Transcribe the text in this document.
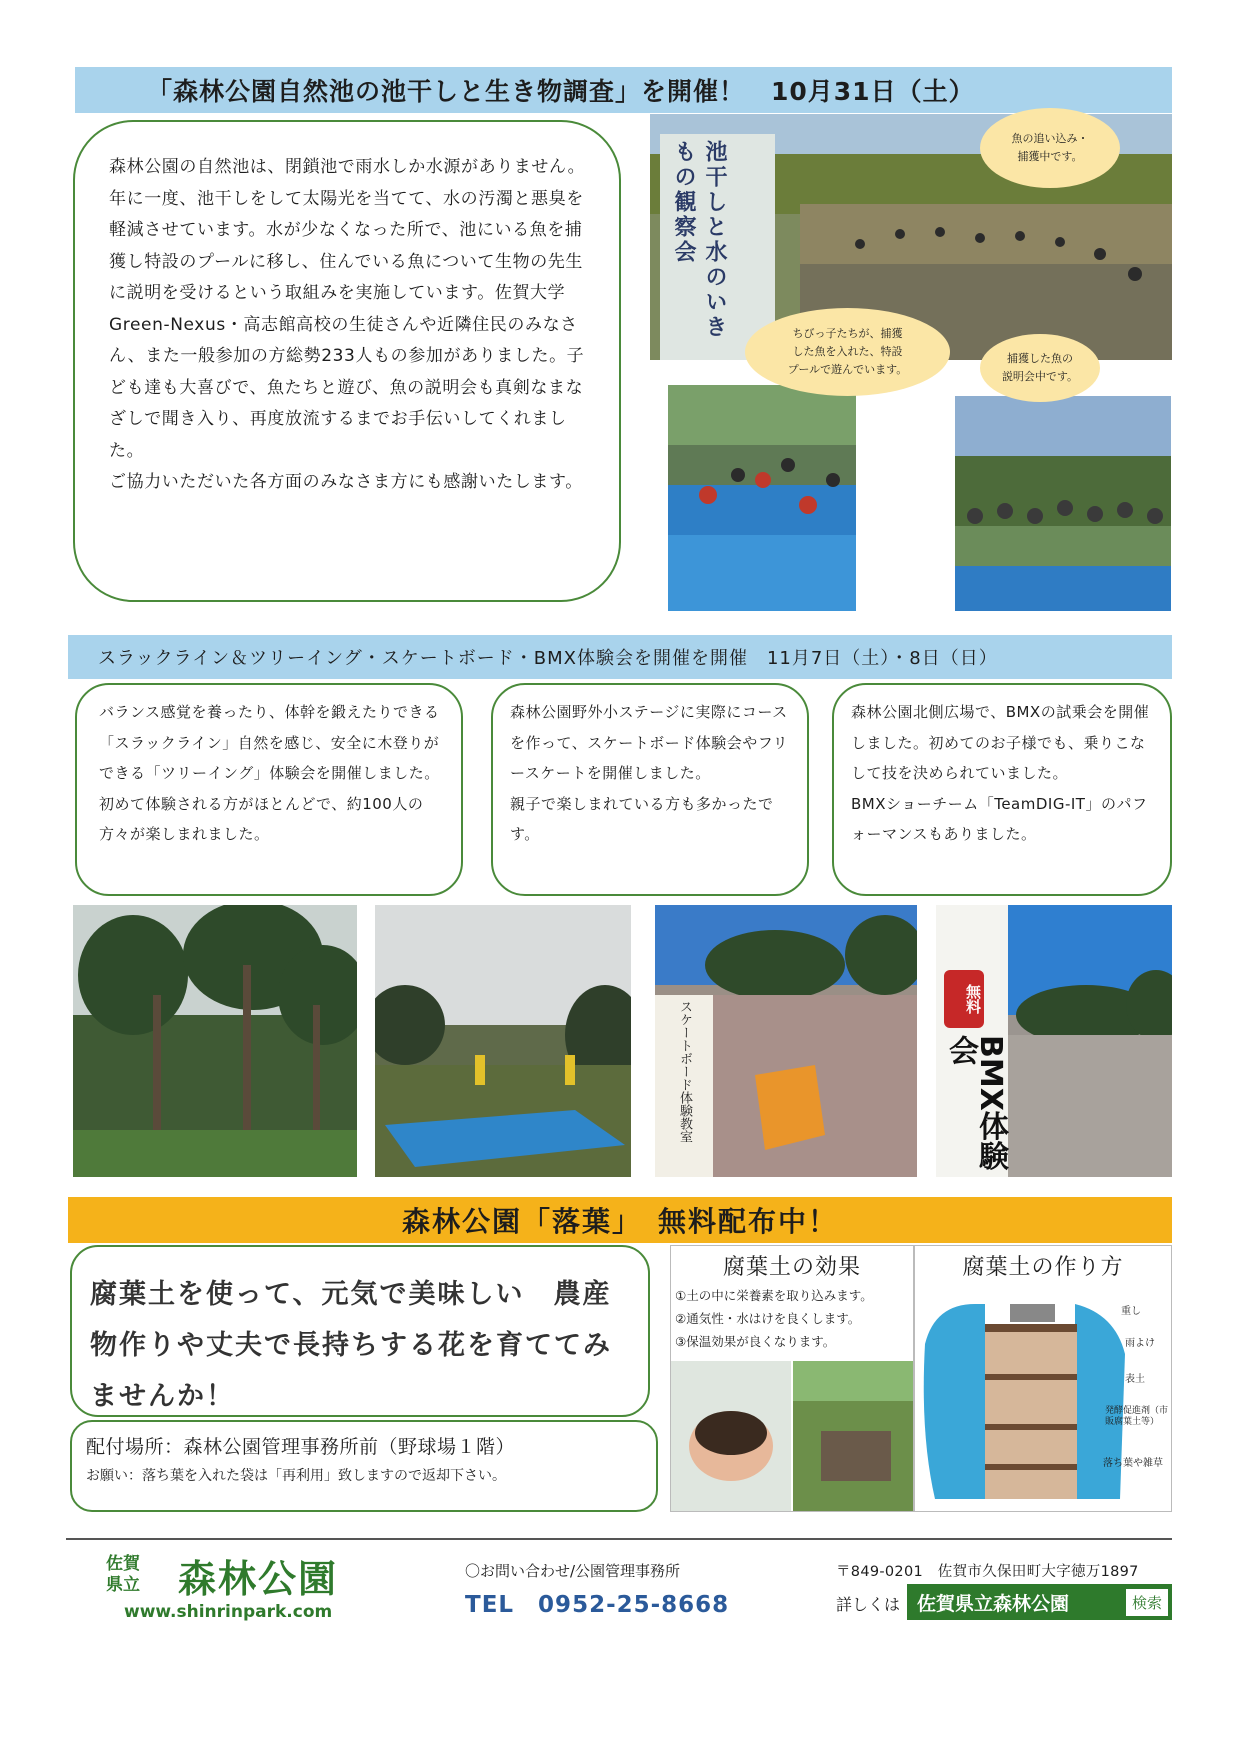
「森林公園自然池の池干しと生き物調査」を開催！　10月31日（土）
森林公園の自然池は、閉鎖池で雨水しか水源がありません。年に一度、池干しをして太陽光を当てて、水の汚濁と悪臭を軽減させています。水が少なくなった所で、池にいる魚を捕獲し特設のプールに移し、住んでいる魚について生物の先生に説明を受けるという取組みを実施しています。佐賀大学Green-Nexus・高志館高校の生徒さんや近隣住民のみなさん、また一般参加の方総勢233人もの参加がありました。子ども達も大喜びで、魚たちと遊び、魚の説明会も真剣なまなざしで聞き入り、再度放流するまでお手伝いしてくれました。
ご協力いただいた各方面のみなさま方にも感謝いたします。
池干しと水のいきもの観察会
魚の追い込み・
捕獲中です。
ちびっ子たちが、捕獲
した魚を入れた、特設
プールで遊んでいます。
捕獲した魚の
説明会中です。
スラックライン＆ツリーイング・スケートボード・BMX体験会を開催を開催　11月7日（土）・8日（日）
バランス感覚を養ったり、体幹を鍛えたりできる「スラックライン」自然を感じ、安全に木登りができる「ツリーイング」体験会を開催しました。初めて体験される方がほとんどで、約100人の方々が楽しまれました。
森林公園野外小ステージに実際にコースを作って、スケートボード体験会やフリースケートを開催しました。
親子で楽しまれている方も多かったです。
森林公園北側広場で、BMXの試乗会を開催しました。初めてのお子様でも、乗りこなして技を決められていました。
BMXショーチーム「TeamDIG-IT」のパフォーマンスもありました。
スケートボード体験教室
無料
BMX体験会
森林公園「落葉」　無料配布中！
腐葉土を使って、元気で美味しい　農産物作りや丈夫で長持ちする花を育ててみませんか！
配付場所：森林公園管理事務所前（野球場１階）
お願い：落ち葉を入れた袋は「再利用」致しますので返却下さい。
腐葉土の効果
①土の中に栄養素を取り込みます。
②通気性・水はけを良くします。
③保温効果が良くなります。
腐葉土の作り方
重し
雨よけ
表土
発酵促進剤（市販腐葉土等）
落ち葉や雑草
佐賀
県立 森林公園
www.shinrinpark.com
〇お問い合わせ/公園管理事務所
TEL　0952-25-8668
〒849-0201　佐賀市久保田町大字徳万1897
詳しくは 佐賀県立森林公園	検索
